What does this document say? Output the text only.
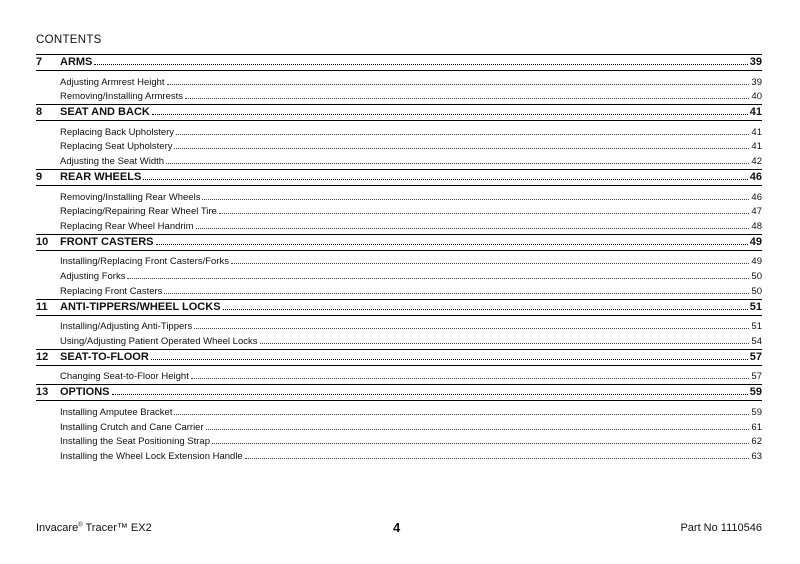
CONTENTS
7 ARMS	39
Adjusting Armrest Height	39
Removing/Installing Armrests	40
8 SEAT AND BACK	41
Replacing Back Upholstery	41
Replacing Seat Upholstery	41
Adjusting the Seat Width	42
9 REAR WHEELS	46
Removing/Installing Rear Wheels	46
Replacing/Repairing Rear Wheel Tire	47
Replacing Rear Wheel Handrim	48
10 FRONT CASTERS	49
Installing/Replacing Front Casters/Forks	49
Adjusting Forks	50
Replacing Front Casters	50
11 ANTI-TIPPERS/WHEEL LOCKS	51
Installing/Adjusting Anti-Tippers	51
Using/Adjusting Patient Operated Wheel Locks	54
12 SEAT-TO-FLOOR	57
Changing Seat-to-Floor Height	57
13 OPTIONS	59
Installing Amputee Bracket	59
Installing Crutch and Cane Carrier	61
Installing the Seat Positioning Strap	62
Installing the Wheel Lock Extension Handle	63
Invacare® Tracer™ EX2	4	Part No 1110546
